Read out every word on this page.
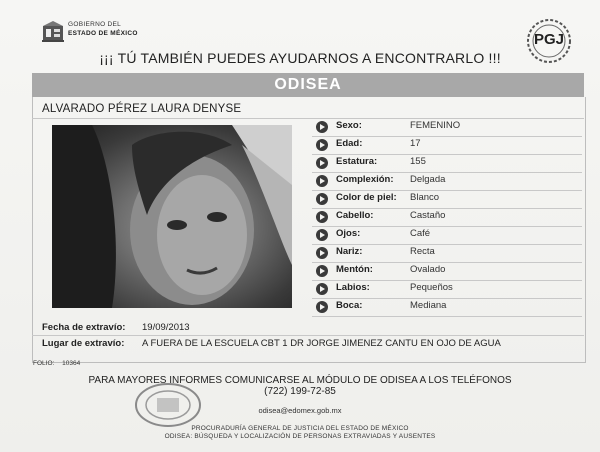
GOBIERNO DEL
ESTADO DE MÉXICO	PGJ
¡¡¡ TÚ TAMBIÉN PUEDES AYUDARNOS A ENCONTRARLO !!!
ODISEA
ALVARADO PÉREZ LAURA DENYSE
Sexo:	FEMENINO
Edad:	17
Estatura:	155
Complexión: Delgada
Color de piel: Blanco
Cabello:	Castaño
Ojos:	Café
Nariz:	Recta
Mentón:	Ovalado
Labios:	Pequeños
Boca:	Mediana
Fecha de extravío: 19/09/2013
Lugar de extravío: A FUERA DE LA ESCUELA CBT 1 DR JORGE JIMENEZ CANTU EN OJO DE AGUA
FOLIO: 10364
PARA MAYORES INFORMES COMUNICARSE AL MÓDULO DE ODISEA A LOS TELÉFONOS
(722) 199-72-85
odisea@edomex.gob.mx
PROCURADURÍA GENERAL DE JUSTICIA DEL ESTADO DE MÉXICO
ODISEA: BÚSQUEDA Y LOCALIZACIÓN DE PERSONAS EXTRAVIADAS Y AUSENTES
